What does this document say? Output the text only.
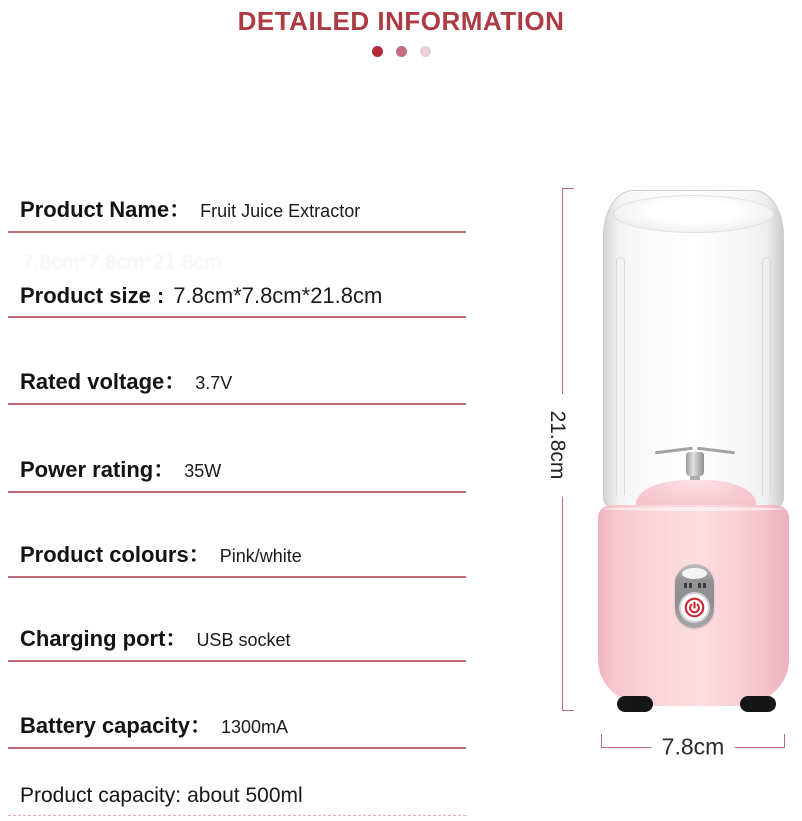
DETAILED INFORMATION
7.8cm*7.8cm*21.8cm
Product Name： Fruit Juice Extractor
Product size : 7.8cm*7.8cm*21.8cm
Rated voltage： 3.7V
Power rating： 35W
Product colours： Pink/white
Charging port： USB socket
Battery capacity： 1300mA
Product capacity: about 500ml
21.8cm
7.8cm
